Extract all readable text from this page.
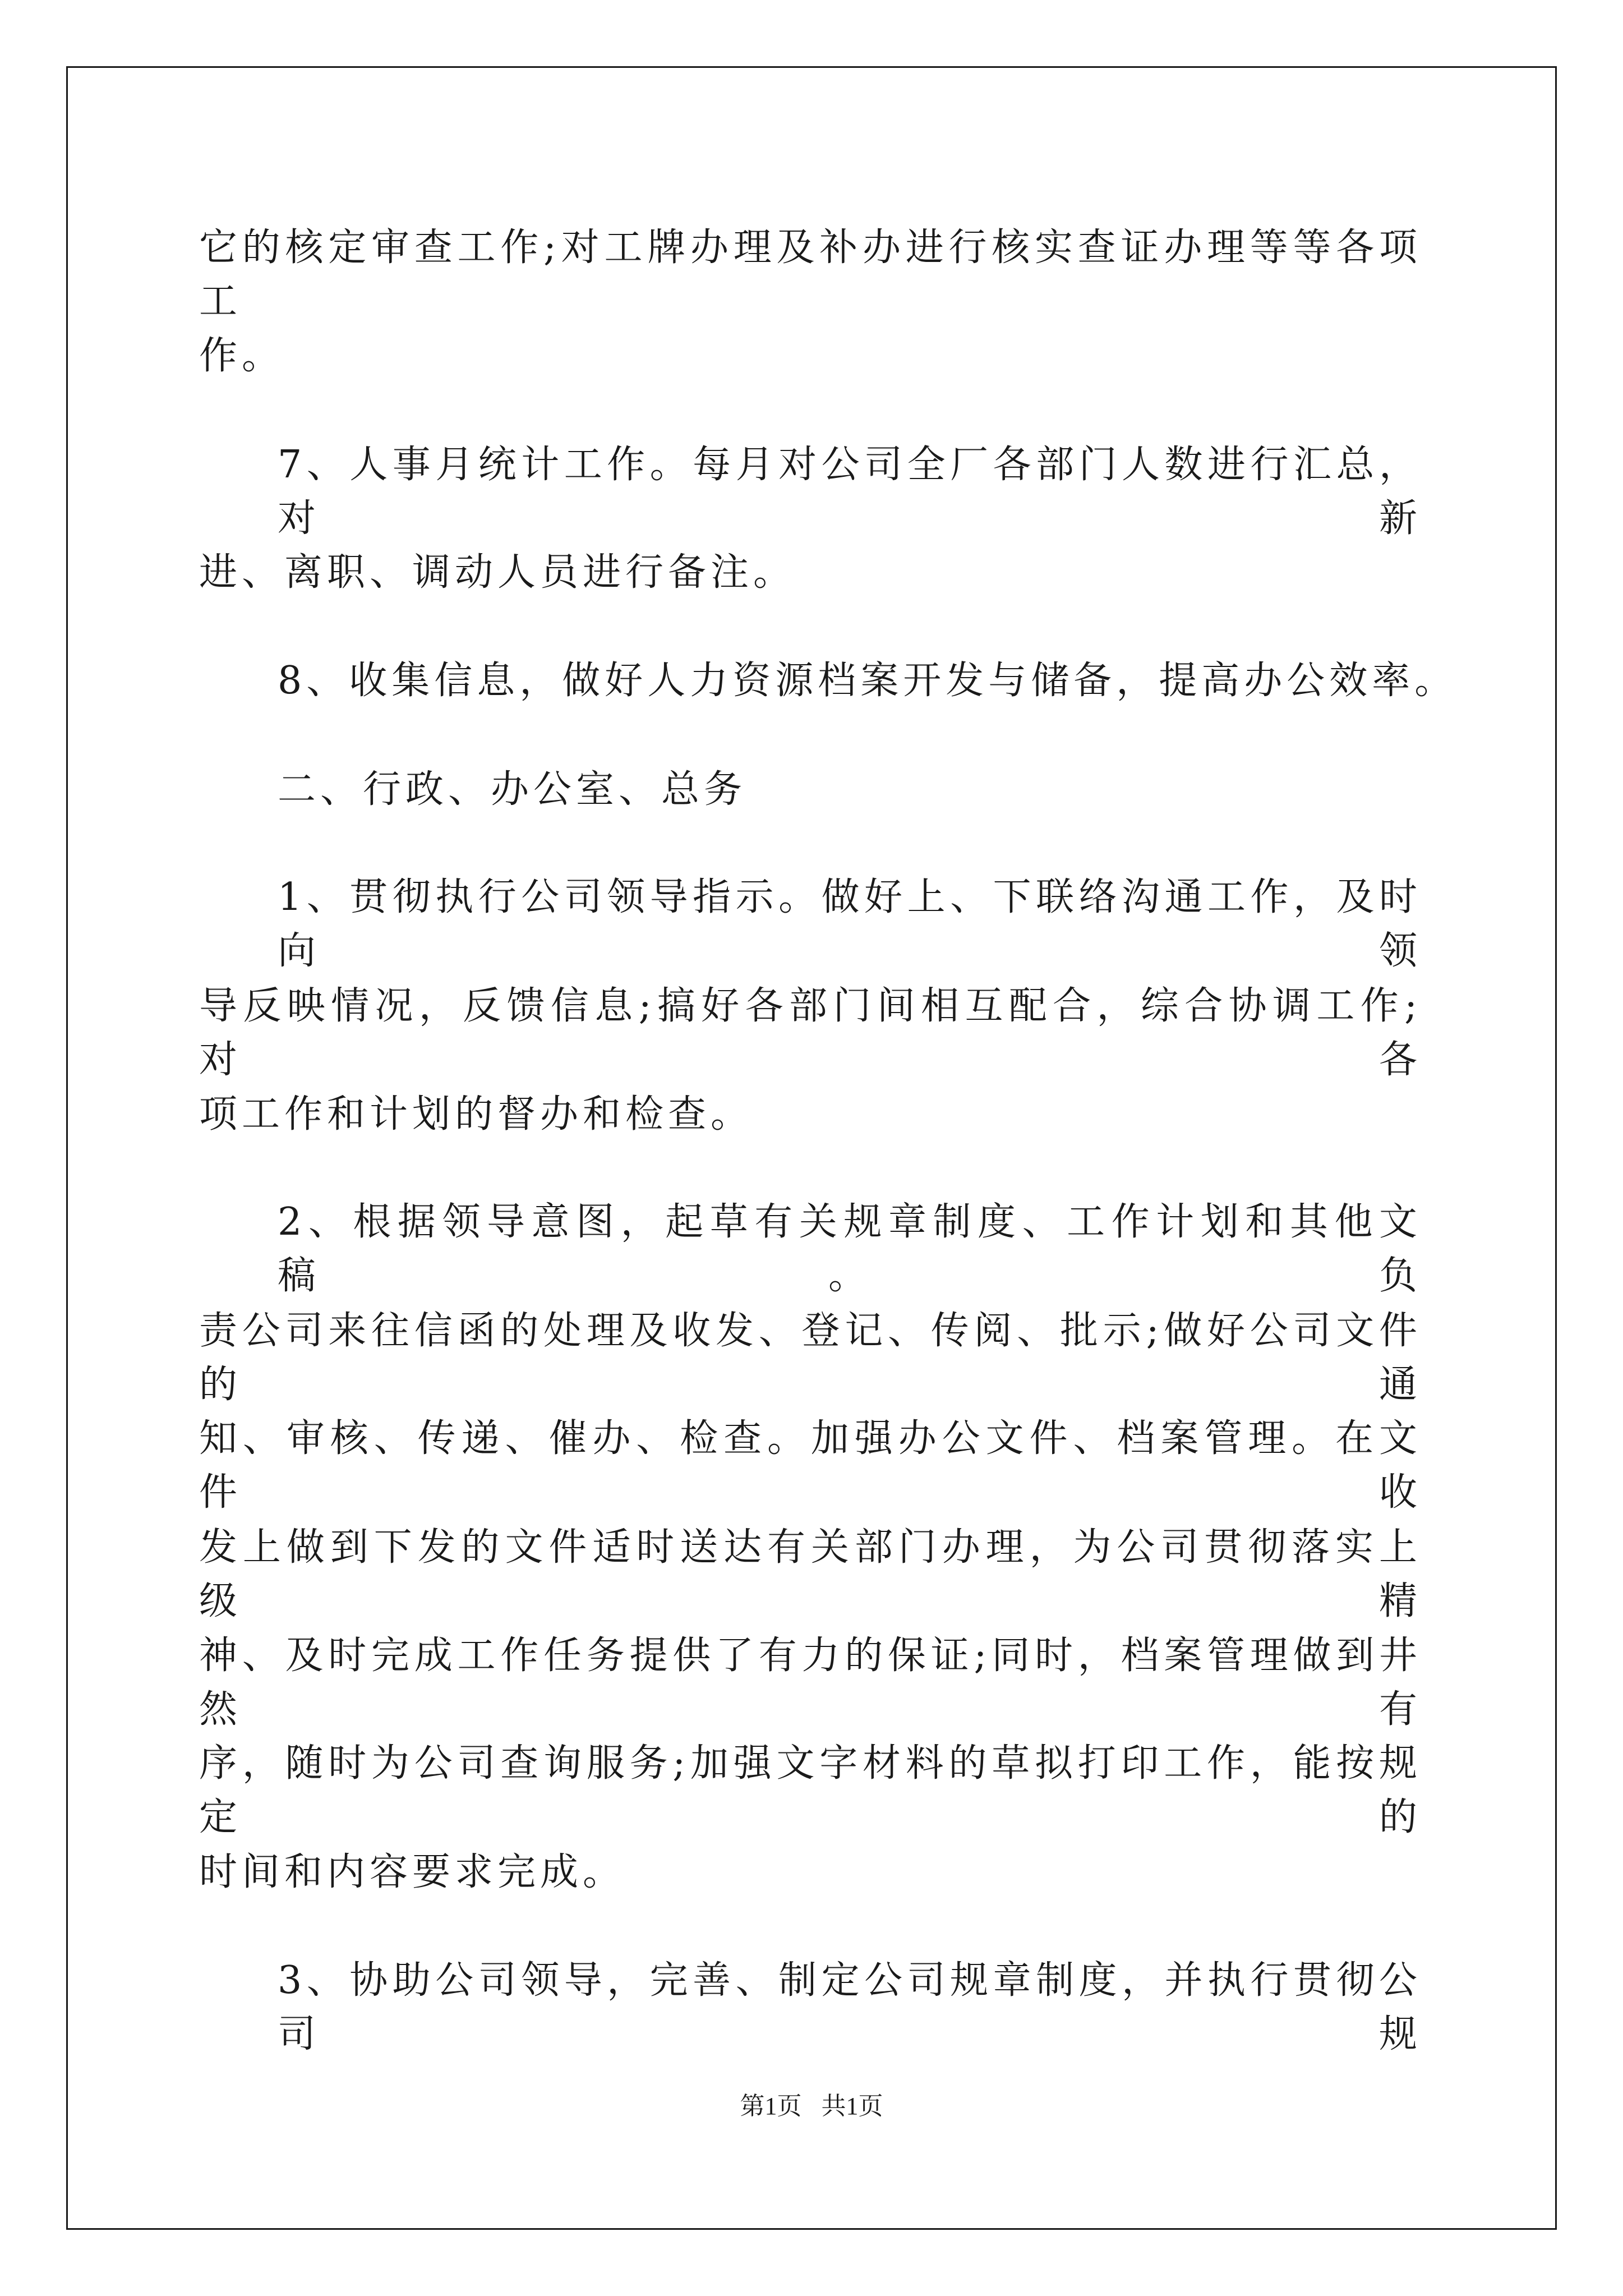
它的核定审查工作;对工牌办理及补办进行核实查证办理等等各项工

作。

7、人事月统计工作。每月对公司全厂各部门人数进行汇总，对新

进、离职、调动人员进行备注。

8、收集信息，做好人力资源档案开发与储备，提高办公效率。

二、行政、办公室、总务

1、贯彻执行公司领导指示。做好上、下联络沟通工作，及时向领

导反映情况，反馈信息;搞好各部门间相互配合，综合协调工作;对各

项工作和计划的督办和检查。

2、根据领导意图，起草有关规章制度、工作计划和其他文稿。负

责公司来往信函的处理及收发、登记、传阅、批示;做好公司文件的通

知、审核、传递、催办、检查。加强办公文件、档案管理。在文件收

发上做到下发的文件适时送达有关部门办理，为公司贯彻落实上级精

神、及时完成工作任务提供了有力的保证;同时，档案管理做到井然有

序，随时为公司查询服务;加强文字材料的草拟打印工作，能按规定的

时间和内容要求完成。

3、协助公司领导，完善、制定公司规章制度，并执行贯彻公司规

第1页 共1页
